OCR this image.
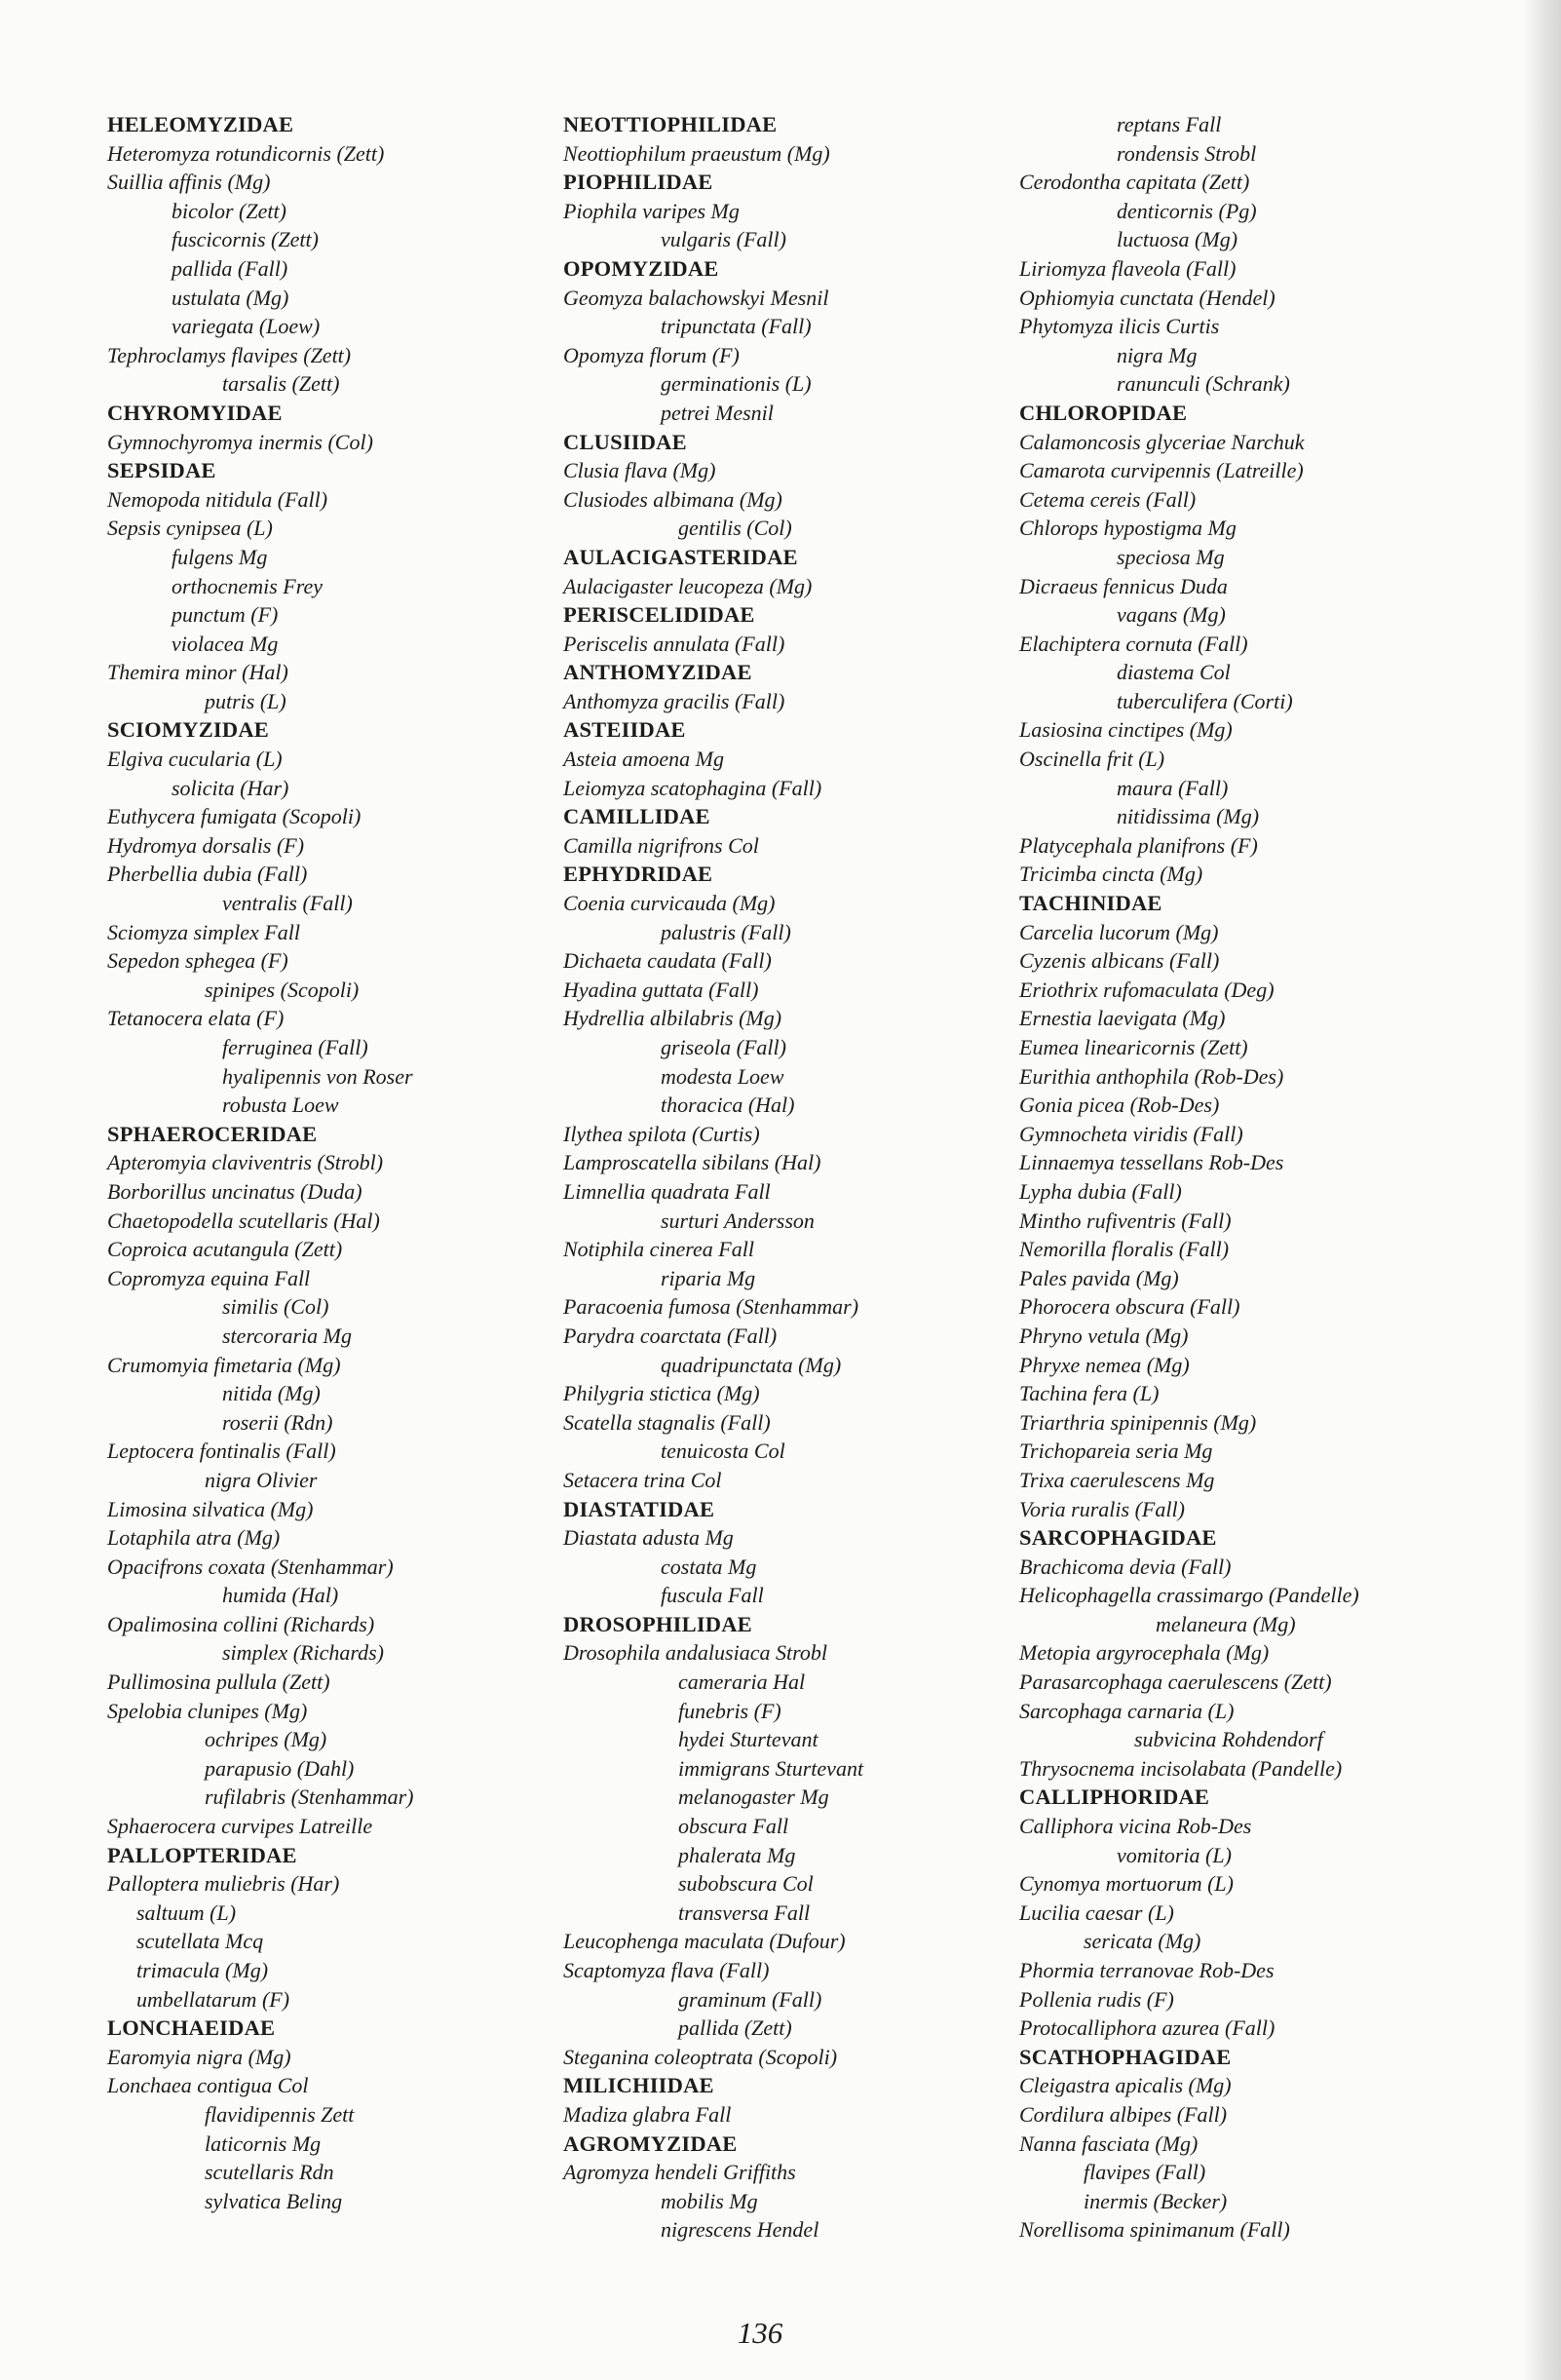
HELEOMYZIDAE
Heteromyza rotundicornis (Zett)
Suillia affinis (Mg)
bicolor (Zett)
fuscicornis (Zett)
pallida (Fall)
ustulata (Mg)
variegata (Loew)
Tephroclamys flavipes (Zett)
tarsalis (Zett)
CHYROMYIDAE
Gymnochyromya inermis (Col)
SEPSIDAE
Nemopoda nitidula (Fall)
Sepsis cynipsea (L)
fulgens Mg
orthocnemis Frey
punctum (F)
violacea Mg
Themira minor (Hal)
putris (L)
SCIOMYZIDAE
Elgiva cucularia (L)
solicita (Har)
Euthycera fumigata (Scopoli)
Hydromya dorsalis (F)
Pherbellia dubia (Fall)
ventralis (Fall)
Sciomyza simplex Fall
Sepedon sphegea (F)
spinipes (Scopoli)
Tetanocera elata (F)
ferruginea (Fall)
hyalipennis von Roser
robusta Loew
SPHAEROCERIDAE
Apteromyia claviventris (Strobl)
Borborillus uncinatus (Duda)
Chaetopodella scutellaris (Hal)
Coproica acutangula (Zett)
Copromyza equina Fall
similis (Col)
stercoraria Mg
Crumomyia fimetaria (Mg)
nitida (Mg)
roserii (Rdn)
Leptocera fontinalis (Fall)
nigra Olivier
Limosina silvatica (Mg)
Lotaphila atra (Mg)
Opacifrons coxata (Stenhammar)
humida (Hal)
Opalimosina collini (Richards)
simplex (Richards)
Pullimosina pullula (Zett)
Spelobia clunipes (Mg)
ochripes (Mg)
parapusio (Dahl)
rufilabris (Stenhammar)
Sphaerocera curvipes Latreille
PALLOPTERIDAE
Palloptera muliebris (Har)
saltuum (L)
scutellata Mcq
trimacula (Mg)
umbellatarum (F)
LONCHAEIDAE
Earomyia nigra (Mg)
Lonchaea contigua Col
flavidipennis Zett
laticornis Mg
scutellaris Rdn
sylvatica Beling
NEOTTIOPHILIDAE
Neottiophilum praeustum (Mg)
PIOPHILIDAE
Piophila varipes Mg
vulgaris (Fall)
OPOMYZIDAE
Geomyza balachowskyi Mesnil
tripunctata (Fall)
Opomyza florum (F)
germinationis (L)
petrei Mesnil
CLUSIIDAE
Clusia flava (Mg)
Clusiodes albimana (Mg)
gentilis (Col)
AULACIGASTERIDAE
Aulacigaster leucopeza (Mg)
PERISCELIDIDAE
Periscelis annulata (Fall)
ANTHOMYZIDAE
Anthomyza gracilis (Fall)
ASTEIIDAE
Asteia amoena Mg
Leiomyza scatophagina (Fall)
CAMILLIDAE
Camilla nigrifrons Col
EPHYDRIDAE
Coenia curvicauda (Mg)
palustris (Fall)
Dichaeta caudata (Fall)
Hyadina guttata (Fall)
Hydrellia albilabris (Mg)
griseola (Fall)
modesta Loew
thoracica (Hal)
Ilythea spilota (Curtis)
Lamproscatella sibilans (Hal)
Limnellia quadrata Fall
surturi Andersson
Notiphila cinerea Fall
riparia Mg
Paracoenia fumosa (Stenhammar)
Parydra coarctata (Fall)
quadripunctata (Mg)
Philygria stictica (Mg)
Scatella stagnalis (Fall)
tenuicosta Col
Setacera trina Col
DIASTATIDAE
Diastata adusta Mg
costata Mg
fuscula Fall
DROSOPHILIDAE
Drosophila andalusiaca Strobl
cameraria Hal
funebris (F)
hydei Sturtevant
immigrans Sturtevant
melanogaster Mg
obscura Fall
phalerata Mg
subobscura Col
transversa Fall
Leucophenga maculata (Dufour)
Scaptomyza flava (Fall)
graminum (Fall)
pallida (Zett)
Steganina coleoptrata (Scopoli)
MILICHIIDAE
Madiza glabra Fall
AGROMYZIDAE
Agromyza hendeli Griffiths
mobilis Mg
nigrescens Hendel
reptans Fall
rondensis Strobl
Cerodontha capitata (Zett)
denticornis (Pg)
luctuosa (Mg)
Liriomyza flaveola (Fall)
Ophiomyia cunctata (Hendel)
Phytomyza ilicis Curtis
nigra Mg
ranunculi (Schrank)
CHLOROPIDAE
Calamoncosis glyceriae Narchuk
Camarota curvipennis (Latreille)
Cetema cereis (Fall)
Chlorops hypostigma Mg
speciosa Mg
Dicraeus fennicus Duda
vagans (Mg)
Elachiptera cornuta (Fall)
diastema Col
tuberculifera (Corti)
Lasiosina cinctipes (Mg)
Oscinella frit (L)
maura (Fall)
nitidissima (Mg)
Platycephala planifrons (F)
Tricimba cincta (Mg)
TACHINIDAE
Carcelia lucorum (Mg)
Cyzenis albicans (Fall)
Eriothrix rufomaculata (Deg)
Ernestia laevigata (Mg)
Eumea linearicornis (Zett)
Eurithia anthophila (Rob-Des)
Gonia picea (Rob-Des)
Gymnocheta viridis (Fall)
Linnaemya tessellans Rob-Des
Lypha dubia (Fall)
Mintho rufiventris (Fall)
Nemorilla floralis (Fall)
Pales pavida (Mg)
Phorocera obscura (Fall)
Phryno vetula (Mg)
Phryxe nemea (Mg)
Tachina fera (L)
Triarthria spinipennis (Mg)
Trichopareia seria Mg
Trixa caerulescens Mg
Voria ruralis (Fall)
SARCOPHAGIDAE
Brachicoma devia (Fall)
Helicophagella crassimargo (Pandelle)
melaneura (Mg)
Metopia argyrocephala (Mg)
Parasarcophaga caerulescens (Zett)
Sarcophaga carnaria (L)
subvicina Rohdendorf
Thrysocnema incisolabata (Pandelle)
CALLIPHORIDAE
Calliphora vicina Rob-Des
vomitoria (L)
Cynomya mortuorum (L)
Lucilia caesar (L)
sericata (Mg)
Phormia terranovae Rob-Des
Pollenia rudis (F)
Protocalliphora azurea (Fall)
SCATHOPHAGIDAE
Cleigastra apicalis (Mg)
Cordilura albipes (Fall)
Nanna fasciata (Mg)
flavipes (Fall)
inermis (Becker)
Norellisoma spinimanum (Fall)
136
